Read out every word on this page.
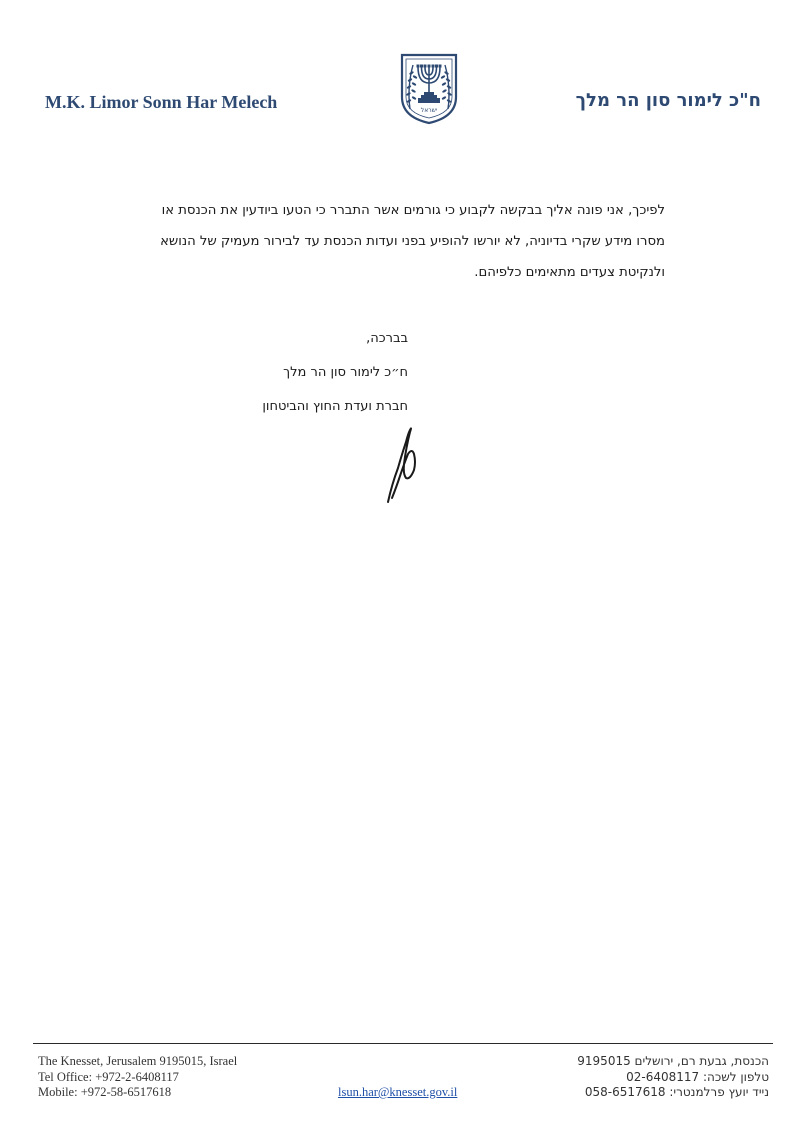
M.K. Limor Sonn Har Melech	ישראל	ח"כ לימור סון הר מלך

לפיכך, אני פונה אליך בבקשה לקבוע כי גורמים אשר התברר כי הטעו ביודעין את הכנסת או

מסרו מידע שקרי בדיוניה, לא יורשו להופיע בפני ועדות הכנסת עד לבירור מעמיק של הנושא

ולנקיטת צעדים מתאימים כלפיהם.

בברכה,
ח״כ לימור סון הר מלך
חברת ועדת החוץ והביטחון
The Knesset, Jerusalem 9195015, Israel
Tel Office: +972-2-6408117
Mobile: +972-58-6517618	lsun.har@knesset.gov.il
הכנסת, גבעת רם, ירושלים 9195015
טלפון לשכה: 02-6408117
נייד יועץ פרלמנטרי: 058-6517618
